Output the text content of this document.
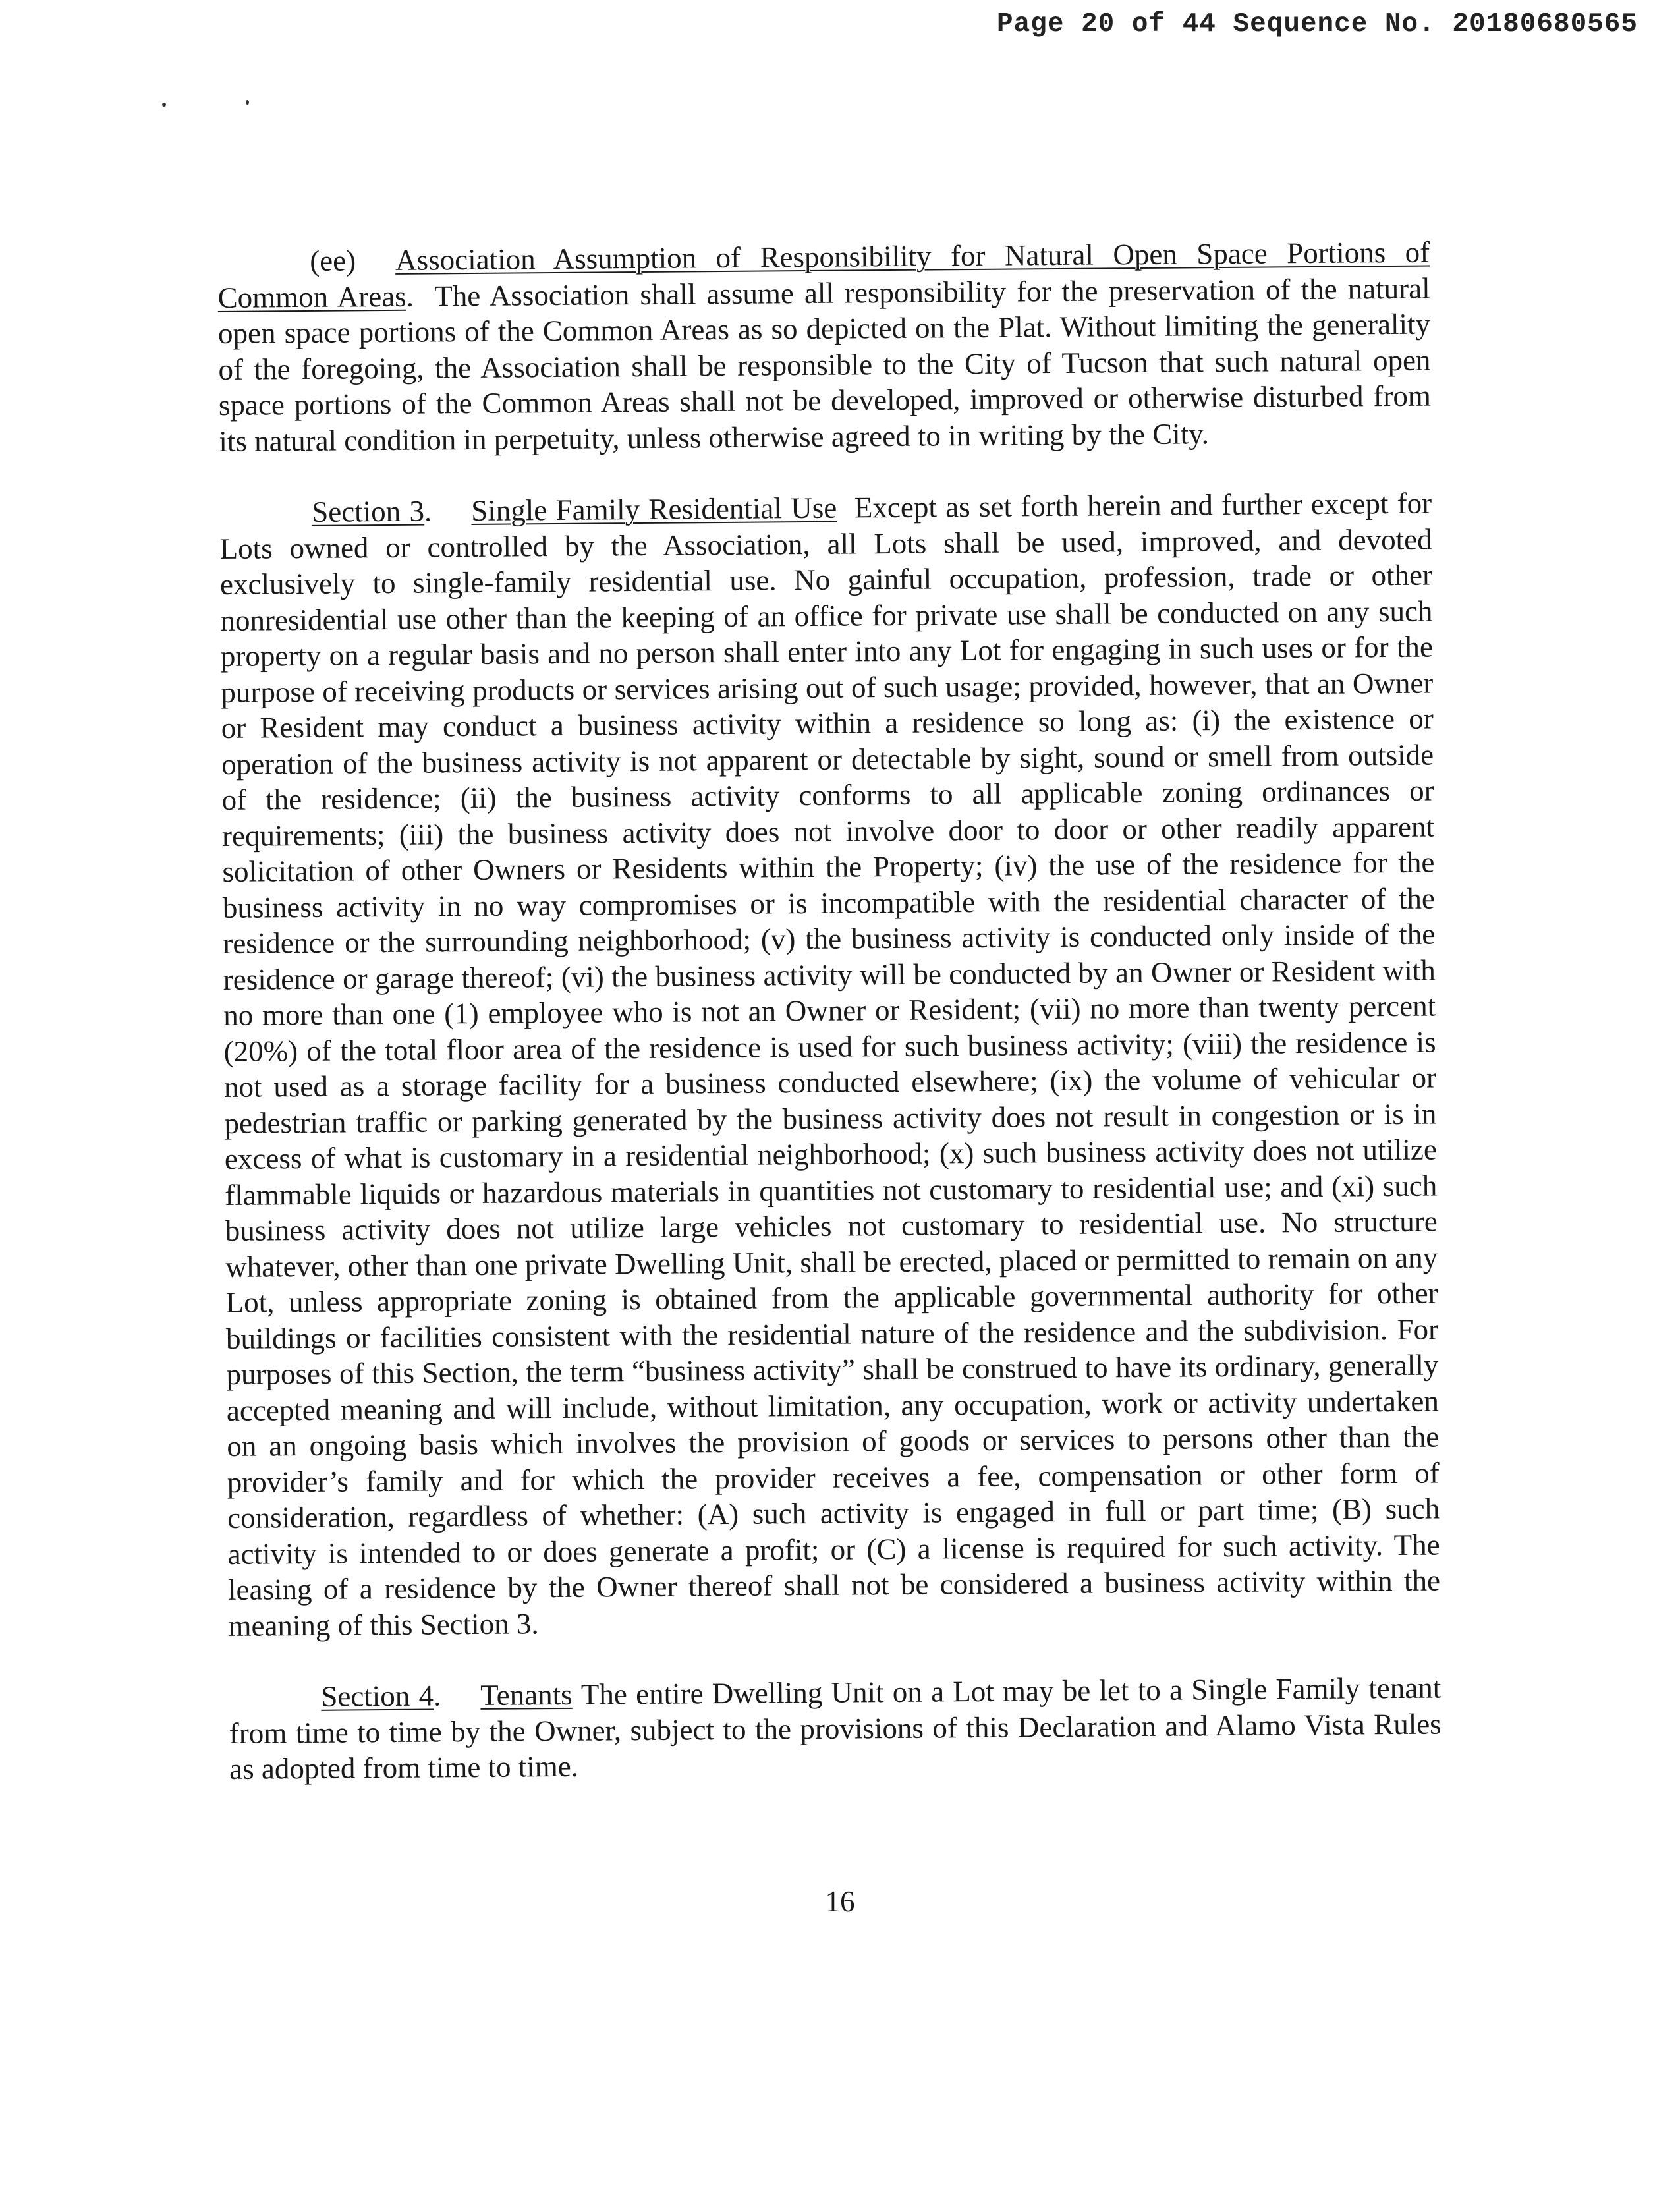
Page 20 of 44 Sequence No. 20180680565

(ee) Association Assumption of Responsibility for Natural Open Space Portions of Common Areas.  The Association shall assume all responsibility for the preservation of the natural open space portions of the Common Areas as so depicted on the Plat. Without limiting the generality of the foregoing, the Association shall be responsible to the City of Tucson that such natural open space portions of the Common Areas shall not be developed, improved or otherwise disturbed from its natural condition in perpetuity, unless otherwise agreed to in writing by the City.

Section 3. Single Family Residential Use Except as set forth herein and further except for Lots owned or controlled by the Association, all Lots shall be used, improved, and devoted exclusively to single-family residential use. No gainful occupation, profession, trade or other nonresidential use other than the keeping of an office for private use shall be conducted on any such property on a regular basis and no person shall enter into any Lot for engaging in such uses or for the purpose of receiving products or services arising out of such usage; provided, however, that an Owner or Resident may conduct a business activity within a residence so long as: (i) the existence or operation of the business activity is not apparent or detectable by sight, sound or smell from outside of the residence; (ii) the business activity conforms to all applicable zoning ordinances or requirements; (iii) the business activity does not involve door to door or other readily apparent solicitation of other Owners or Residents within the Property; (iv) the use of the residence for the business activity in no way compromises or is incompatible with the residential character of the residence or the surrounding neighborhood; (v) the business activity is conducted only inside of the residence or garage thereof; (vi) the business activity will be conducted by an Owner or Resident with no more than one (1) employee who is not an Owner or Resident; (vii) no more than twenty percent (20%) of the total floor area of the residence is used for such business activity; (viii) the residence is not used as a storage facility for a business conducted elsewhere; (ix) the volume of vehicular or pedestrian traffic or parking generated by the business activity does not result in congestion or is in excess of what is customary in a residential neighborhood; (x) such business activity does not utilize flammable liquids or hazardous materials in quantities not customary to residential use; and (xi) such business activity does not utilize large vehicles not customary to residential use. No structure whatever, other than one private Dwelling Unit, shall be erected, placed or permitted to remain on any Lot, unless appropriate zoning is obtained from the applicable governmental authority for other buildings or facilities consistent with the residential nature of the residence and the subdivision. For purposes of this Section, the term “business activity” shall be construed to have its ordinary, generally accepted meaning and will include, without limitation, any occupation, work or activity undertaken on an ongoing basis which involves the provision of goods or services to persons other than the provider’s family and for which the provider receives a fee, compensation or other form of consideration, regardless of whether: (A) such activity is engaged in full or part time; (B) such activity is intended to or does generate a profit; or (C) a license is required for such activity. The leasing of a residence by the Owner thereof shall not be considered a business activity within the meaning of this Section 3.

Section 4. Tenants The entire Dwelling Unit on a Lot may be let to a Single Family tenant from time to time by the Owner, subject to the provisions of this Declaration and Alamo Vista Rules as adopted from time to time.

16
